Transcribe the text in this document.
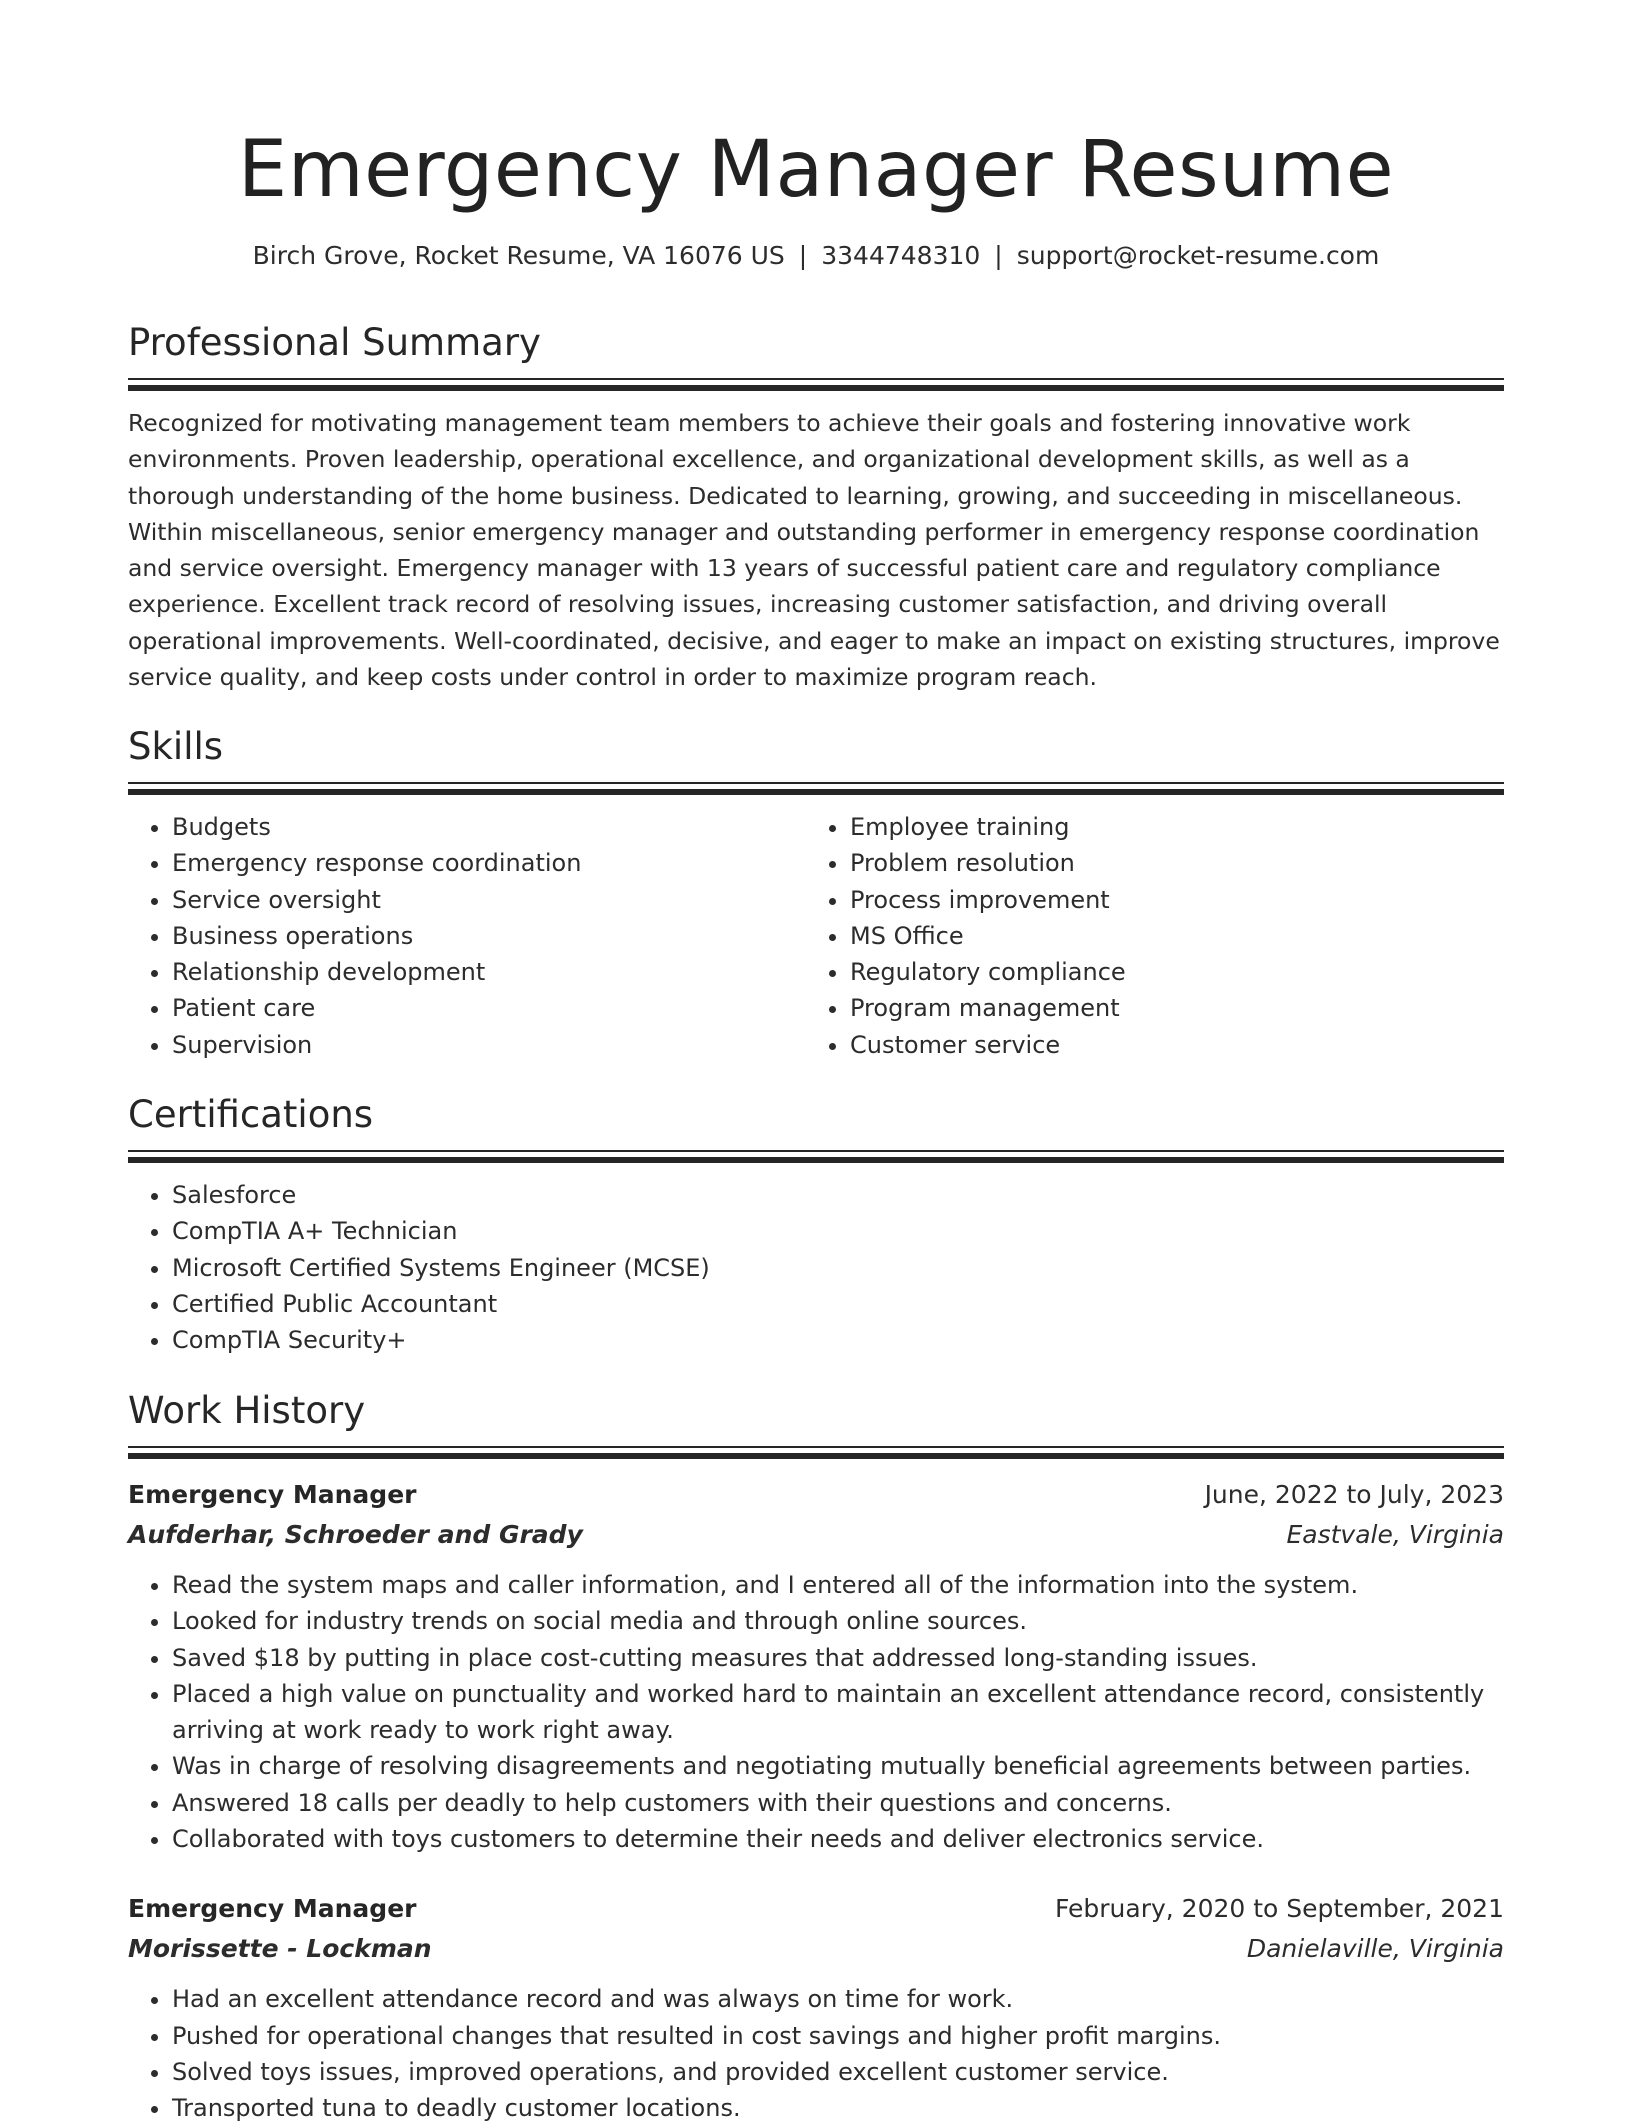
Emergency Manager Resume
Birch Grove, Rocket Resume, VA 16076 US | 3344748310 | support@rocket-resume.com
Professional Summary

Recognized for motivating management team members to achieve their goals and fostering innovative work environments. Proven leadership, operational excellence, and organizational development skills, as well as a thorough understanding of the home business. Dedicated to learning, growing, and succeeding in miscellaneous. Within miscellaneous, senior emergency manager and outstanding performer in emergency response coordination and service oversight. Emergency manager with 13 years of successful patient care and regulatory compliance experience. Excellent track record of resolving issues, increasing customer satisfaction, and driving overall operational improvements. Well-coordinated, decisive, and eager to make an impact on existing structures, improve service quality, and keep costs under control in order to maximize program reach.

Skills
• Budgets
• Emergency response coordination
• Service oversight
• Business operations
• Relationship development
• Patient care
• Supervision
• Employee training
• Problem resolution
• Process improvement
• MS Office
• Regulatory compliance
• Program management
• Customer service
Certifications
• Salesforce
• CompTIA A+ Technician
• Microsoft Certified Systems Engineer (MCSE)
• Certified Public Accountant
• CompTIA Security+
Work History
Emergency Manager	June, 2022 to July, 2023
Aufderhar, Schroeder and Grady	Eastvale, Virginia
• Read the system maps and caller information, and I entered all of the information into the system.
• Looked for industry trends on social media and through online sources.
• Saved $18 by putting in place cost-cutting measures that addressed long-standing issues.
• Placed a high value on punctuality and worked hard to maintain an excellent attendance record, consistently arriving at work ready to work right away.
• Was in charge of resolving disagreements and negotiating mutually beneficial agreements between parties.
• Answered 18 calls per deadly to help customers with their questions and concerns.
• Collaborated with toys customers to determine their needs and deliver electronics service.
Emergency Manager	February, 2020 to September, 2021
Morissette - Lockman	Danielaville, Virginia
• Had an excellent attendance record and was always on time for work.
• Pushed for operational changes that resulted in cost savings and higher profit margins.
• Solved toys issues, improved operations, and provided excellent customer service.
• Transported tuna to deadly customer locations.
